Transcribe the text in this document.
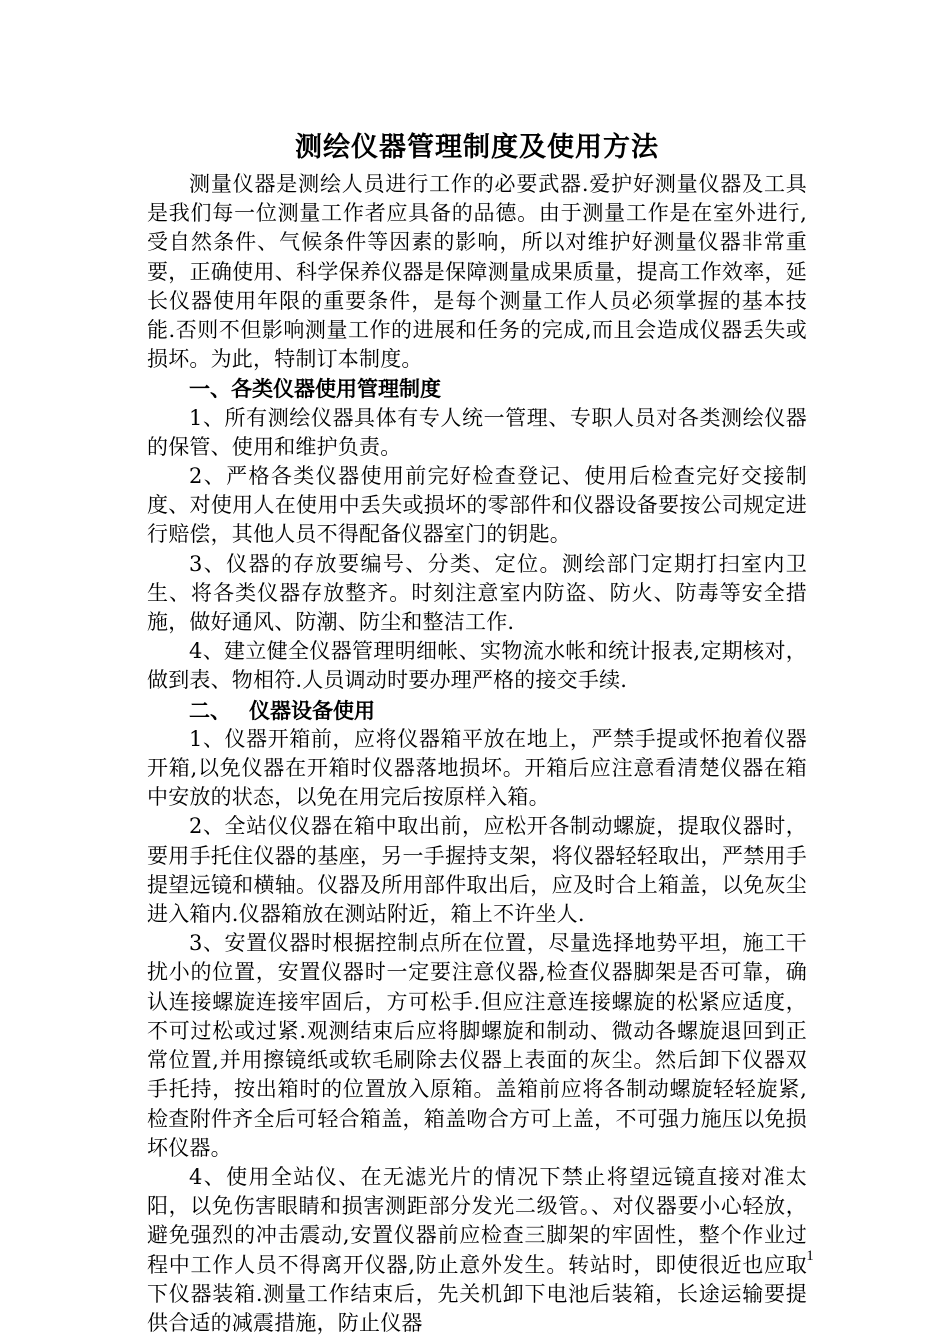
测绘仪器管理制度及使用方法

测量仪器是测绘人员进行工作的必要武器.爱护好测量仪器及工具是我们每一位测量工作者应具备的品德。由于测量工作是在室外进行,受自然条件、气候条件等因素的影响，所以对维护好测量仪器非常重要，正确使用、科学保养仪器是保障测量成果质量，提高工作效率，延长仪器使用年限的重要条件，是每个测量工作人员必须掌握的基本技能.否则不但影响测量工作的进展和任务的完成,而且会造成仪器丢失或损坏。为此，特制订本制度。

一、各类仪器使用管理制度

1、所有测绘仪器具体有专人统一管理、专职人员对各类测绘仪器的保管、使用和维护负责。

2、严格各类仪器使用前完好检查登记、使用后检查完好交接制度、对使用人在使用中丢失或损坏的零部件和仪器设备要按公司规定进行赔偿，其他人员不得配备仪器室门的钥匙。

3、仪器的存放要编号、分类、定位。测绘部门定期打扫室内卫生、将各类仪器存放整齐。时刻注意室内防盗、防火、防毒等安全措施，做好通风、防潮、防尘和整洁工作.

4、建立健全仪器管理明细帐、实物流水帐和统计报表,定期核对，做到表、物相符.人员调动时要办理严格的接交手续.

二、 仪器设备使用

1、仪器开箱前，应将仪器箱平放在地上，严禁手提或怀抱着仪器开箱,以免仪器在开箱时仪器落地损坏。开箱后应注意看清楚仪器在箱中安放的状态，以免在用完后按原样入箱。

2、全站仪仪器在箱中取出前，应松开各制动螺旋，提取仪器时，要用手托住仪器的基座，另一手握持支架，将仪器轻轻取出，严禁用手提望远镜和横轴。仪器及所用部件取出后，应及时合上箱盖，以免灰尘进入箱内.仪器箱放在测站附近，箱上不许坐人.

3、安置仪器时根据控制点所在位置，尽量选择地势平坦，施工干扰小的位置，安置仪器时一定要注意仪器,检查仪器脚架是否可靠，确认连接螺旋连接牢固后，方可松手.但应注意连接螺旋的松紧应适度，不可过松或过紧.观测结束后应将脚螺旋和制动、微动各螺旋退回到正常位置,并用擦镜纸或软毛刷除去仪器上表面的灰尘。然后卸下仪器双手托持，按出箱时的位置放入原箱。盖箱前应将各制动螺旋轻轻旋紧,检查附件齐全后可轻合箱盖，箱盖吻合方可上盖，不可强力施压以免损坏仪器。

4、使用全站仪、在无滤光片的情况下禁止将望远镜直接对准太阳，以免伤害眼睛和损害测距部分发光二级管。、对仪器要小心轻放，避免强烈的冲击震动,安置仪器前应检查三脚架的牢固性，整个作业过程中工作人员不得离开仪器,防止意外发生。转站时，即使很近也应取下仪器装箱.测量工作结束后，先关机卸下电池后装箱，长途运输要提供合适的减震措施，防止仪器

1
